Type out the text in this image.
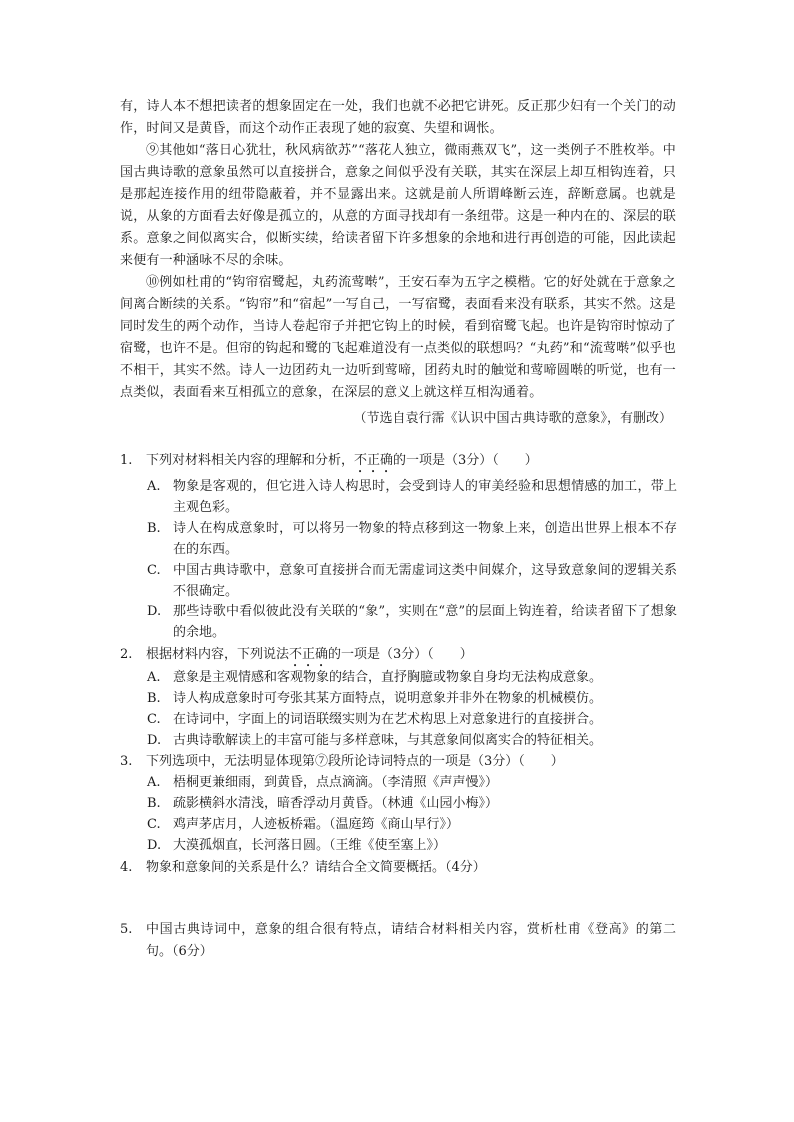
有，诗人本不想把读者的想象固定在一处，我们也就不必把它讲死。反正那少妇有一个关门的动作，时间又是黄昏，而这个动作正表现了她的寂寞、失望和调怅。

⑨其他如“落日心犹壮，秋风病欲苏”“落花人独立，微雨燕双飞”，这一类例子不胜枚举。中国古典诗歌的意象虽然可以直接拼合，意象之间似乎没有关联，其实在深层上却互相钩连着，只是那起连接作用的纽带隐蔽着，并不显露出来。这就是前人所谓峰断云连，辞断意属。也就是说，从象的方面看去好像是孤立的，从意的方面寻找却有一条纽带。这是一种内在的、深层的联系。意象之间似离实合，似断实续，给读者留下许多想象的余地和进行再创造的可能，因此读起来便有一种涵咏不尽的余味。

⑩例如杜甫的“钩帘宿鹭起，丸药流莺啭”，王安石奉为五字之模楷。它的好处就在于意象之间离合断续的关系。“钩帘”和“宿起”一写自己，一写宿鹭，表面看来没有联系，其实不然。这是同时发生的两个动作，当诗人卷起帘子并把它钩上的时候，看到宿鹭飞起。也许是钩帘时惊动了宿鹭，也许不是。但帘的钩起和鹭的飞起难道没有一点类似的联想吗？“丸药”和“流莺啭”似乎也不相干，其实不然。诗人一边团药丸一边听到莺啼，团药丸时的触觉和莺啼圆啭的听觉，也有一点类似，表面看来互相孤立的意象，在深层的意义上就这样互相沟通着。

（节选自袁行霈《认识中国古典诗歌的意象》，有删改）
1. 下列对材料相关内容的理解和分析，不正确的一项是（3分）（　　）
A. 物象是客观的，但它进入诗人构思时，会受到诗人的审美经验和思想情感的加工，带上主观色彩。
B. 诗人在构成意象时，可以将另一物象的特点移到这一物象上来，创造出世界上根本不存在的东西。
C. 中国古典诗歌中，意象可直接拼合而无需虚词这类中间媒介，这导致意象间的逻辑关系不很确定。
D. 那些诗歌中看似彼此没有关联的“象”，实则在“意”的层面上钩连着，给读者留下了想象的余地。
2. 根据材料内容，下列说法不正确的一项是（3分）（　　）
A. 意象是主观情感和客观物象的结合，直抒胸臆或物象自身均无法构成意象。
B. 诗人构成意象时可夸张其某方面特点，说明意象并非外在物象的机械模仿。
C. 在诗词中，字面上的词语联缀实则为在艺术构思上对意象进行的直接拼合。
D. 古典诗歌解读上的丰富可能与多样意味，与其意象间似离实合的特征相关。
3. 下列选项中，无法明显体现第⑦段所论诗词特点的一项是（3分）（　　）
A. 梧桐更兼细雨，到黄昏，点点滴滴。（李清照《声声慢》）
B. 疏影横斜水清浅，暗香浮动月黄昏。（林逋《山园小梅》）
C. 鸡声茅店月，人迹板桥霜。（温庭筠《商山早行》）
D. 大漠孤烟直，长河落日圆。（王维《使至塞上》）
4. 物象和意象间的关系是什么？请结合全文简要概括。（4分）
5. 中国古典诗词中，意象的组合很有特点，请结合材料相关内容，赏析杜甫《登高》的第二句。（6分）
